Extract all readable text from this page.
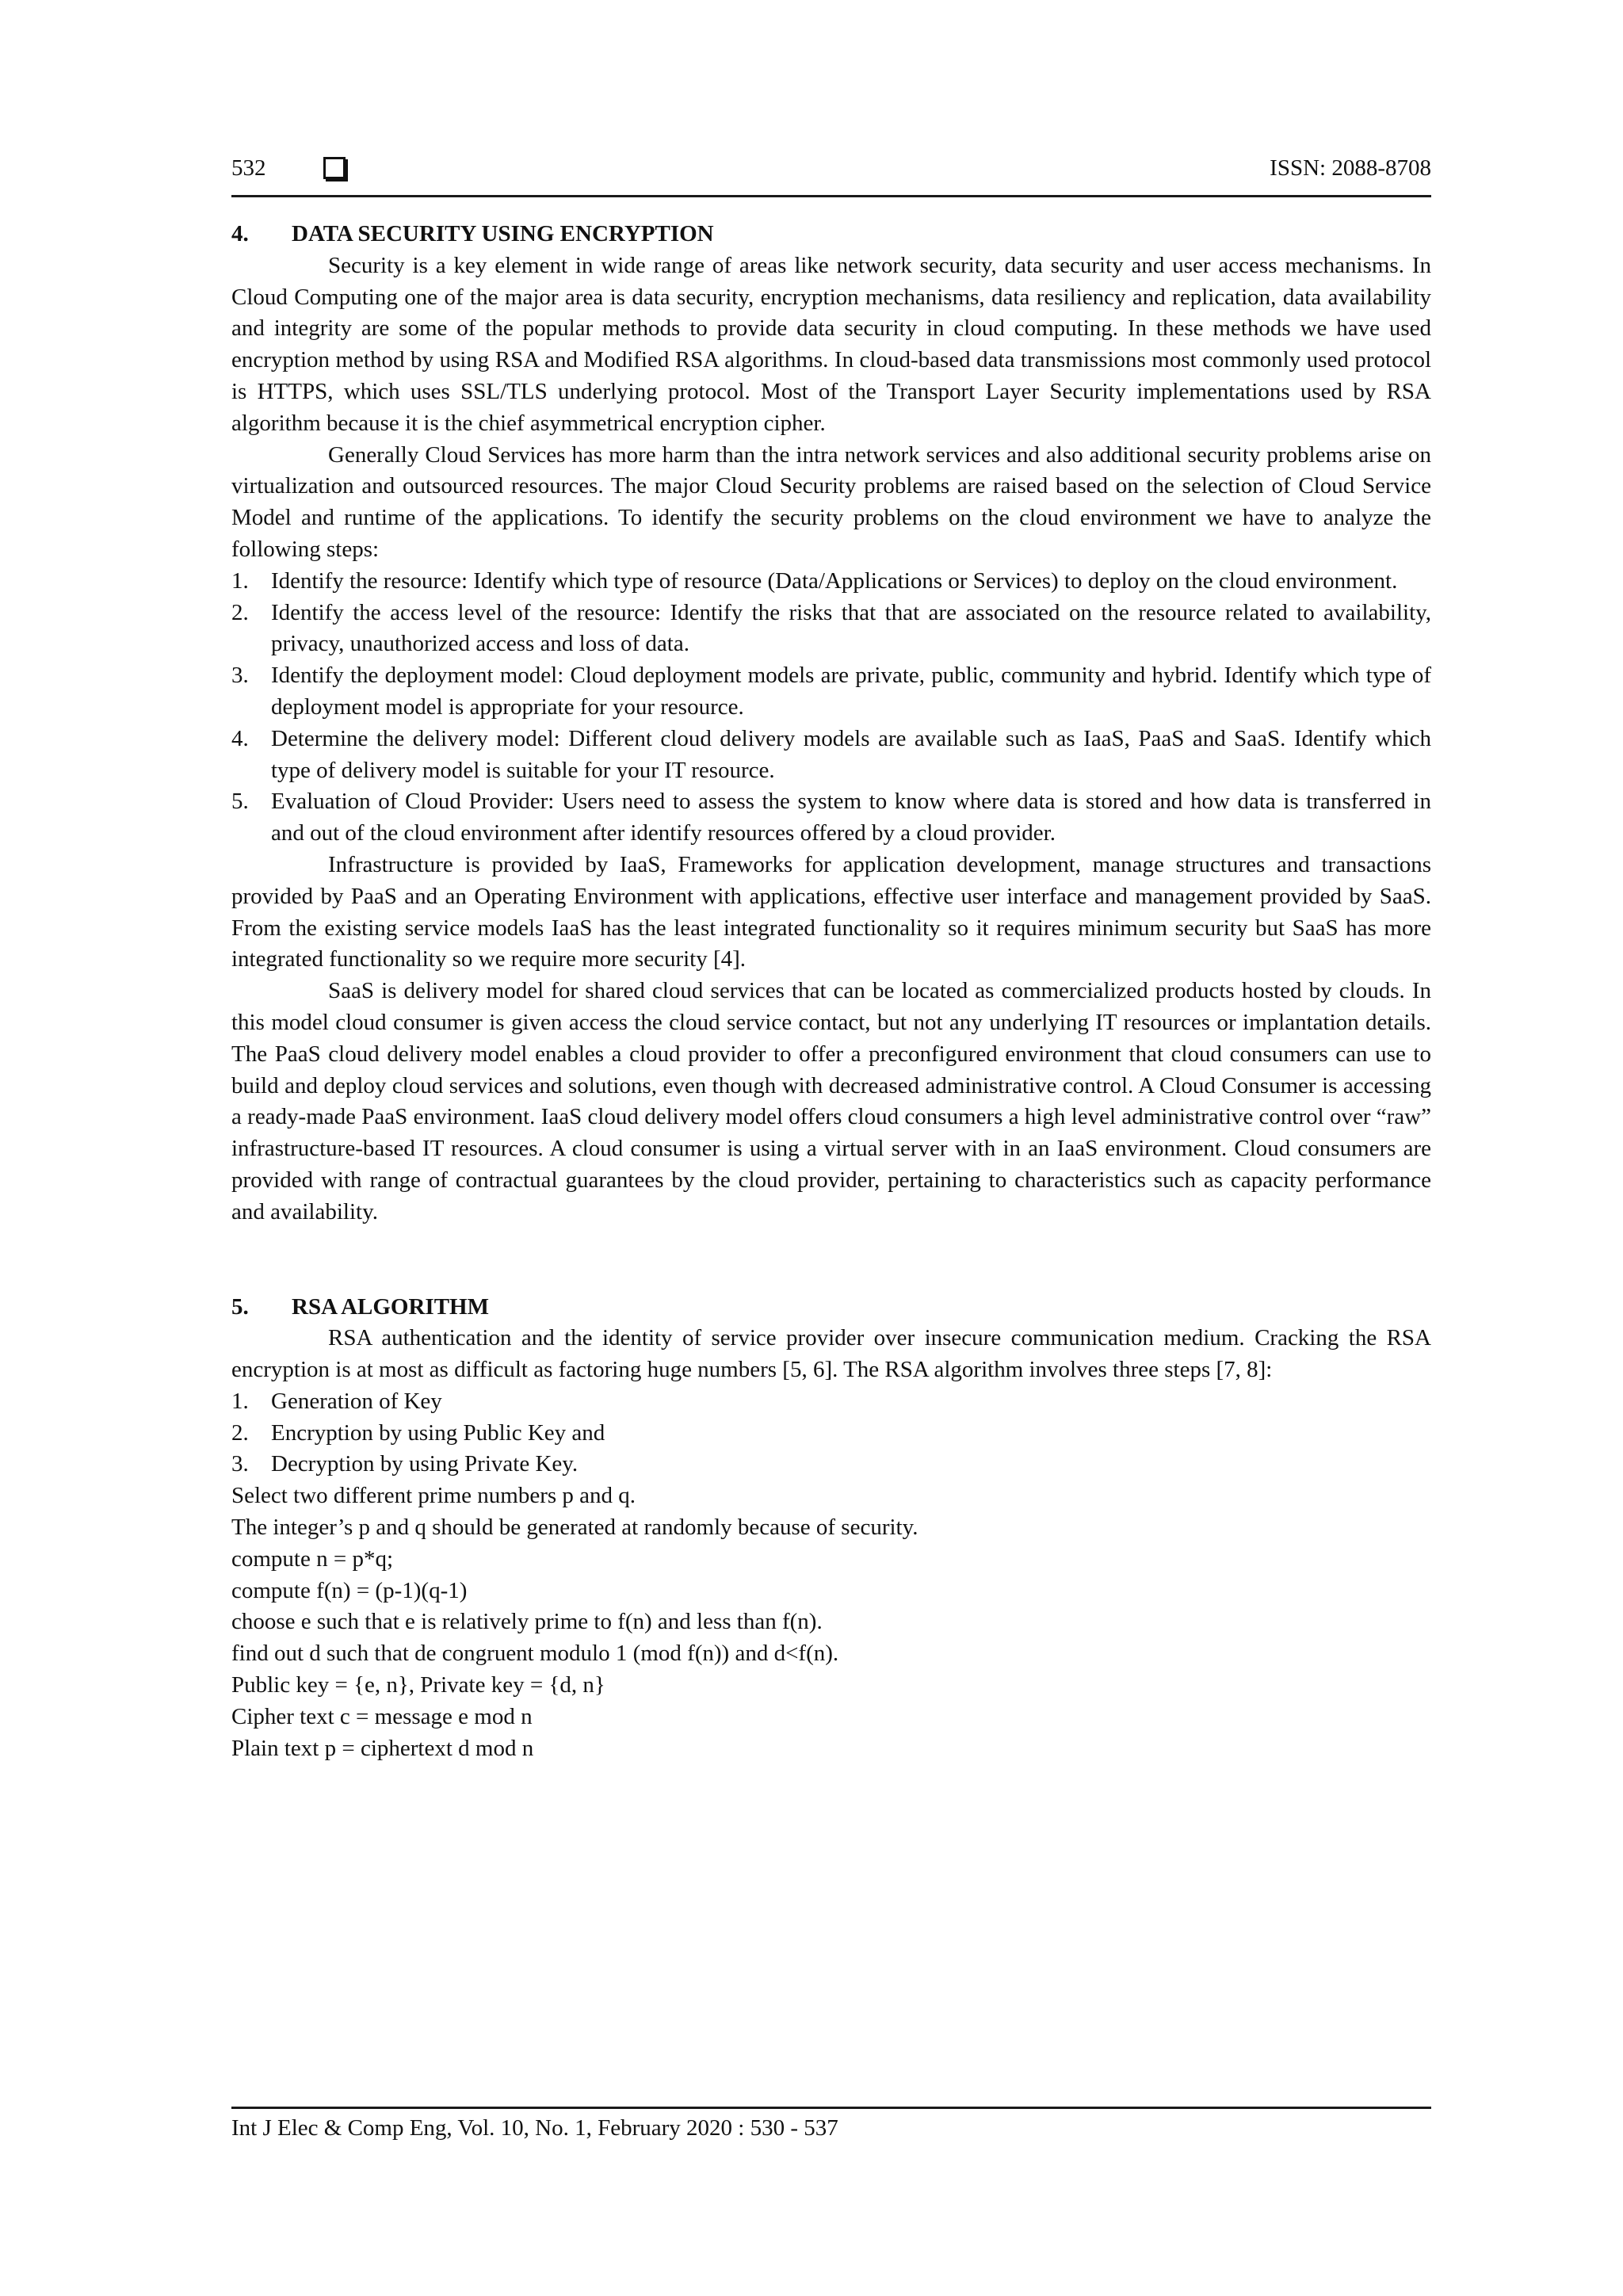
532	ISSN: 2088-8708
4. DATA SECURITY USING ENCRYPTION

Security is a key element in wide range of areas like network security, data security and user access mechanisms. In Cloud Computing one of the major area is data security, encryption mechanisms, data resiliency and replication, data availability and integrity are some of the popular methods to provide data security in cloud computing. In these methods we have used encryption method by using RSA and Modified RSA algorithms. In cloud-based data transmissions most commonly used protocol is HTTPS, which uses SSL/TLS underlying protocol. Most of the Transport Layer Security implementations used by RSA algorithm because it is the chief asymmetrical encryption cipher.

Generally Cloud Services has more harm than the intra network services and also additional security problems arise on virtualization and outsourced resources. The major Cloud Security problems are raised based on the selection of Cloud Service Model and runtime of the applications. To identify the security problems on the cloud environment we have to analyze the following steps:

1. Identify the resource: Identify which type of resource (Data/Applications or Services) to deploy on the cloud environment.
2. Identify the access level of the resource: Identify the risks that that are associated on the resource related to availability, privacy, unauthorized access and loss of data.
3. Identify the deployment model: Cloud deployment models are private, public, community and hybrid. Identify which type of deployment model is appropriate for your resource.
4. Determine the delivery model: Different cloud delivery models are available such as IaaS, PaaS and SaaS. Identify which type of delivery model is suitable for your IT resource.
5. Evaluation of Cloud Provider: Users need to assess the system to know where data is stored and how data is transferred in and out of the cloud environment after identify resources offered by a cloud provider.

Infrastructure is provided by IaaS, Frameworks for application development, manage structures and transactions provided by PaaS and an Operating Environment with applications, effective user interface and management provided by SaaS. From the existing service models IaaS has the least integrated functionality so it requires minimum security but SaaS has more integrated functionality so we require more security [4].

SaaS is delivery model for shared cloud services that can be located as commercialized products hosted by clouds. In this model cloud consumer is given access the cloud service contact, but not any underlying IT resources or implantation details. The PaaS cloud delivery model enables a cloud provider to offer a preconfigured environment that cloud consumers can use to build and deploy cloud services and solutions, even though with decreased administrative control. A Cloud Consumer is accessing a ready-made PaaS environment. IaaS cloud delivery model offers cloud consumers a high level administrative control over “raw” infrastructure-based IT resources. A cloud consumer is using a virtual server with in an IaaS environment. Cloud consumers are provided with range of contractual guarantees by the cloud provider, pertaining to characteristics such as capacity performance and availability.

5. RSA ALGORITHM

RSA authentication and the identity of service provider over insecure communication medium. Cracking the RSA encryption is at most as difficult as factoring huge numbers [5, 6]. The RSA algorithm involves three steps [7, 8]:

1. Generation of Key
2. Encryption by using Public Key and
3. Decryption by using Private Key.
Select two different prime numbers p and q.
The integer’s p and q should be generated at randomly because of security.
compute n = p*q;
compute f(n) = (p-1)(q-1)
choose e such that e is relatively prime to f(n) and less than f(n).
find out d such that de congruent modulo 1 (mod f(n)) and d<f(n).
Public key = {e, n}, Private key = {d, n}
Cipher text c = message e mod n
Plain text p = ciphertext d mod n
Int J Elec & Comp Eng, Vol. 10, No. 1, February 2020 : 530 - 537
